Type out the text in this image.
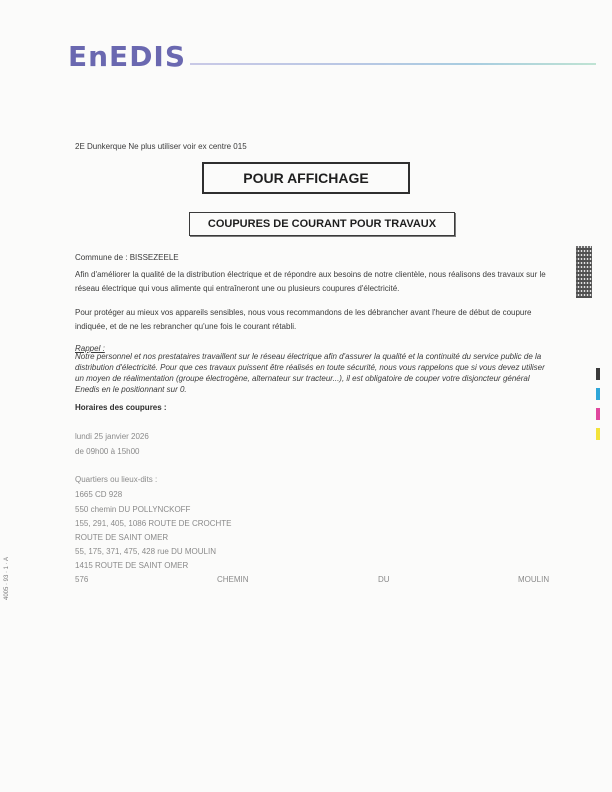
EnEDIS
2E Dunkerque Ne plus utiliser voir ex centre 015
POUR AFFICHAGE
COUPURES DE COURANT POUR TRAVAUX
Commune de : BISSEZEELE
Afin d'améliorer la qualité de la distribution électrique et de répondre aux besoins de notre clientèle, nous réalisons des travaux sur le réseau électrique qui vous alimente qui entraîneront une ou plusieurs coupures d'électricité.
Pour protéger au mieux vos appareils sensibles, nous vous recommandons de les débrancher avant l'heure de début de coupure indiquée, et de ne les rebrancher qu'une fois le courant rétabli.
Rappel :
Notre personnel et nos prestataires travaillent sur le réseau électrique afin d'assurer la qualité et la continuité du service public de la distribution d'électricité. Pour que ces travaux puissent être réalisés en toute sécurité, nous vous rappelons que si vous devez utiliser un moyen de réalimentation (groupe électrogène, alternateur sur tracteur...), il est obligatoire de couper votre disjoncteur général Enedis en le positionnant sur 0.
Horaires des coupures :
lundi 25 janvier 2026
de 09h00 à 15h00
Quartiers ou lieux-dits :
1665 CD 928
550 chemin DU POLLYNCKOFF
155, 291, 405, 1086 ROUTE DE CROCHTE
ROUTE DE SAINT OMER
55, 175, 371, 475, 428 rue DU MOULIN
1415 ROUTE DE SAINT OMER
576	CHEMIN	DU	MOULIN
4005 · 93 · 1 · A
